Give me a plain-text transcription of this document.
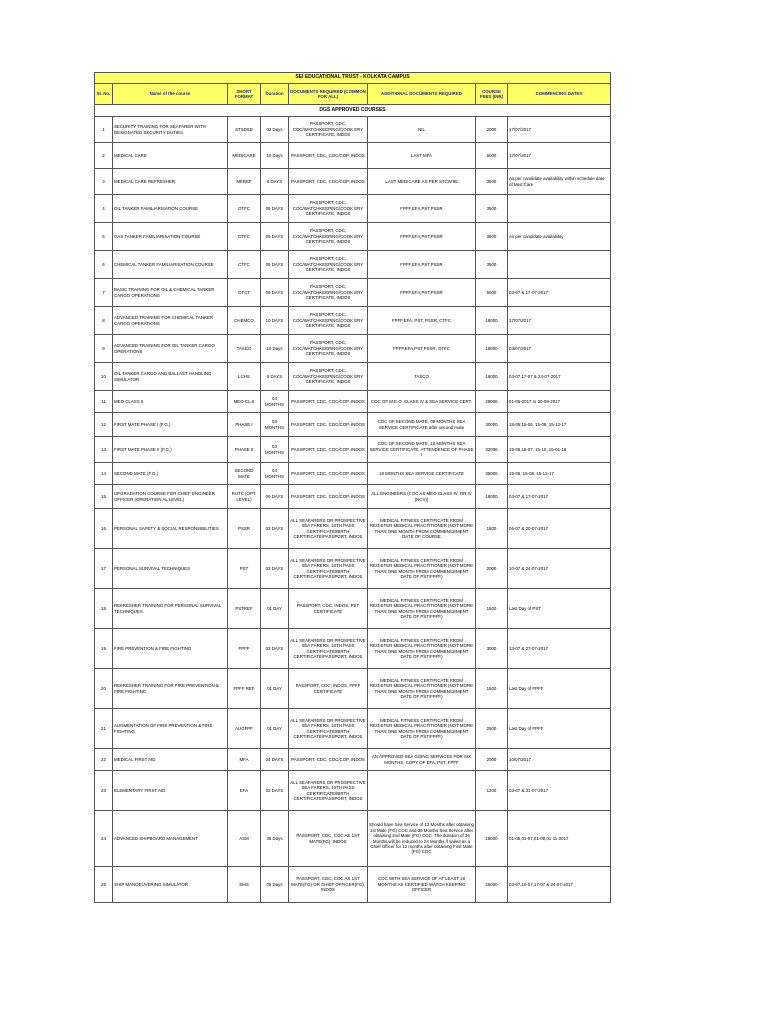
SEI EDUCATIONAL TRUST - KOLKATA CAMPUS							
Sl. No.	Name of the course	SHORT FORMAT	Duration	DOCUMENTS REQUIRED (COMMON FOR ALL)	ADDITIONAL DOCUMENTS REQUIRED	COURSE FEES (INR)	COMMENCING DATES
DGS APPROVED COURSES							
1	SECURITY TRAINING FOR SEAFARER WITH DESIGNATED SECURITY DUTIES	STSDSD	02 Days	PASSPORT, CDC, COC/WATCHKEEPING/COOK ERY CERTIFICATE, INDOS	NIL	2000	17/07/2017
2	MEDICAL CARE	MEDICARE	10 Days	PASSPORT, CDC, COC/COP, INDOS	LAST MFA	6000	17/07/2017
3	MEDICAL CARE REFRESHER	MEREF	6 DAYS	PASSPORT, CDC, COC/COP, INDOS	LAST MEDICARE AS PER STCW'95	3500	As per candidate availability within schedule date of Med Care
4	OIL TANKER FAMILIARISATION COURSE	OTFC	05 DAYS	PASSPORT, CDC, COC/WATCHKEEPING/COOK ERY CERTIFICATE, INDOS	FPFF,EFA,PST,PSSR	3500	
5	GAS TANKER FAMILIARISATION COURSE	GTFC	05 DAYS	PASSPORT, CDC, COC/WATCHKEEPING/COOK ERY CERTIFICATE, INDOS	FPFF,EFA,PST,PSSR	3500	As per candidate availability
6	CHEMICAL TANKER FAMILIARISATION COURSE	CTFC	05 DAYS	PASSPORT, CDC, COC/WATCHKEEPING/COOK ERY CERTIFICATE, INDOS	FPFF,EFA,PST,PSSR	3500	
7	BASIC TRAINING FOR OIL & CHEMICAL TANKER CARGO OPERATIONS	OTCT	06 DAYS	PASSPORT, CDC, COC/WATCHKEEPING/COOK ERY CERTIFICATE, INDOS	FPFF,EFA,PST,PSSR	6000	03-07 & 17-07-2017
8	ADVANCED TRAINING FOR CHEMICAL TANKER CARGO OPERATIONS	CHEMCO	10 DAYS	PASSPORT, CDC, COC/WATCHKEEPING/COOK ERY CERTIFICATE, INDOS	FPFF,EFA, PST, PSSR, CTFC	18000	17/07/2017
9	ADVANCED TRAINING FOR OIL TANKER CARGO OPERATIONS	TASCO	10 Days	PASSPORT, CDC, COC/WATCHKEEPING/COOK ERY CERTIFICATE, INDOS	FPFF,EFA,PST,PSSR, OTFC	18000	03/07/2017
10	OIL TANKER CARGO AND BALLAST HANDLING SIMULATOR	LCHS	5 DAYS	PASSPORT, CDC, COC/WATCHKEEPING/COOK ERY CERTIFICATE, INDOS	TASCO	16000	03-07,17-07 & 24-07-2017
11	MEO CLASS II	MEO CL-II	04 MONTHS	PASSPORT, CDC, COC/COP, INDOS	COC OF M.E.O. CLASS IV & SEA SERVICE CERT.	28000	01-06-2017 to 30-09-2017
12	FIRST MATE PHASE I (F.G.)	PHASE I	03 MONTHS	PASSPORT, CDC, COC/COP, INDOS	COC OF SECOND MATE, 09 MONTHS SEA SERVICE CERTIFICATE after second mate	30000	15-05,15-06, 15-09, 15-12-17
13	FIRST MATE PHASE II (F.G.)	PHASE II	03 MONTHS	PASSPORT, CDC, COC/COP, INDOS	COC OF SECOND MATE, 18 MONTHS SEA SERVICE CERTIFICATE, ATTENDENCE OF PHASE I	32000	15-06,15-07, 15-10, 15-01-18
14	SECOND MATE (F.G.)	SECOND MATE	04 MONTHS	PASSPORT, CDC, COC/COP, INDOS	18 MONTHS SEA SERVICE CERTIFICATE	35000	15-06, 15-08, 15-12-17
15	UPGRADATION COURSE FOR CHIEF ENGINEER OFFICER (OPERATION AL LEVEL)	RUTC (OPT. LEVEL)	06 DAYS	PASSPORT, CDC, COC/COP, INDOS	ALL ENGINEERS (COC AS MEO CLASS-IV, OR IV (NCV))	18000	03-07 & 17-07-2017
16	PERSONAL SAFETY & SOCIAL RESPONSIBILITIES	PSSR	03 DAYS	ALL SEAFARERS OR PROSPECTIVE SEA FARERS, 10TH PASS CERTIFICATE/BIRTH CERTIFICATE/PASSPORT, INDOS	MEDICAL FITNESS CERTIFICATE FROM REGISTER MEDICAL PRACTITIONER (NOT MORE THAN ONE MONTH FROM COMMENCEMENT DATE OF COURSE	1800	06-07 & 20-07-2017
17	PERSONAL SURVIVAL TECHNIQUES	PST	03 DAYS	ALL SEAFARERS OR PROSPECTIVE SEA FARERS, 10TH PASS CERTIFICATE/BIRTH CERTIFICATE/PASSPORT, INDOS	MEDICAL FITNESS CERTIFICATE FROM REGISTER MEDICAL PRACTITIONER (NOT MORE THAN ONE MONTH FROM COMMENCEMENT DATE OF PST/FPFF)	2000	10-07 & 24-07-2017
18	REFRESHER TRAINING FOR PERSONAL SURVIVAL TECHNIQUES	PSTREF	01 DAY	PASSPORT, CDC, INDOS, PST CERTIFICATE	MEDICAL FITNESS CERTIFICATE FROM REGISTER MEDICAL PRACTITIONER (NOT MORE THAN ONE MONTH FROM COMMENCEMENT DATE OF PST/FPFF)	1500	Last Day of PST
19	FIRE PREVENTION & FIRE FIGHTING	FPFF	03 DAYS	ALL SEAFARERS OR PROSPECTIVE SEA FARERS, 10TH PASS CERTIFICATE/BIRTH CERTIFICATE/PASSPORT, INDOS	MEDICAL FITNESS CERTIFICATE FROM REGISTER MEDICAL PRACTITIONER (NOT MORE THAN ONE MONTH FROM COMMENCEMENT DATE OF PST/FPFF)	3000	13-07 & 27-07-2017
20	REFRESHER TRAINING FOR FIRE PREVENTION & FIRE FIGHTING	FPFF REF	01 DAY	PASSPORT, CDC, INDOS, FPFF CERTIFICATE	MEDICAL FITNESS CERTIFICATE FROM REGISTER MEDICAL PRACTITIONER (NOT MORE THAN ONE MONTH FROM COMMENCEMENT DATE OF PST/FPFF)	1500	Last Day of FPFF
21	AUGMENTATION OF FIRE PREVENTION & FIRE FIGHTING	AUGFPF	01 DAY	ALL SEAFARERS OR PROSPECTIVE SEA FARERS, 10TH PASS CERTIFICATE/BIRTH CERTIFICATE/PASSPORT, INDOS	MEDICAL FITNESS CERTIFICATE FROM REGISTER MEDICAL PRACTITIONER (NOT MORE THAN ONE MONTH FROM COMMENCEMENT DATE OF PST/FPFF)	2500	Last Day of FPFF
22	MEDICAL FIRST AID	MFA	04 DAYS	PASSPORT, CDC, COC/COP, INDOS	AN APPROVED SEA GOING SERVICES FOR SIX MONTHS, COPY OF EFA, PST, FPFF	2000	10/07/2017
23	ELEMENTARY FIRST AID	EFA	02 DAYS	ALL SEAFARERS OR PROSPECTIVE SEA FARERS, 10TH PASS CERTIFICATE/BIRTH CERTIFICATE/PASSPORT, INDOS		1200	03-07 & 31-07-2017
24	ADVANCED SHIPBOARD MANAGEMENT	ASM	45 Days	PASSPORT, CDC, COC AS 1ST MATE(FG), INDOS	Should have Sea Service of 12 Months after obtaining 1st Mate (FG) COC and 36 Months Sea Service after obtaining 2nd Mate (FG) COC. The duration of 36 Months will be reduced to 24 Months if sailed as a Chief Officer for 12 months after obtaining First Mate (FG) COC	18000	01-05,01-07,01-09,01-11-2017
25	SHIP MANOEUVERING SIMULATOR	SMS	05 Days	PASSPORT, CDC, COC AS 1ST MATE(FG) OR CHIEF OFFICER(FG), INDOS	COC WITH SEA SERVICE OF AT LEAST 18 MONTHS AS CERTIFIED WATCH KEEPING OFFICER	25000	03-07,10-07,17-07 & 24-07-2017
